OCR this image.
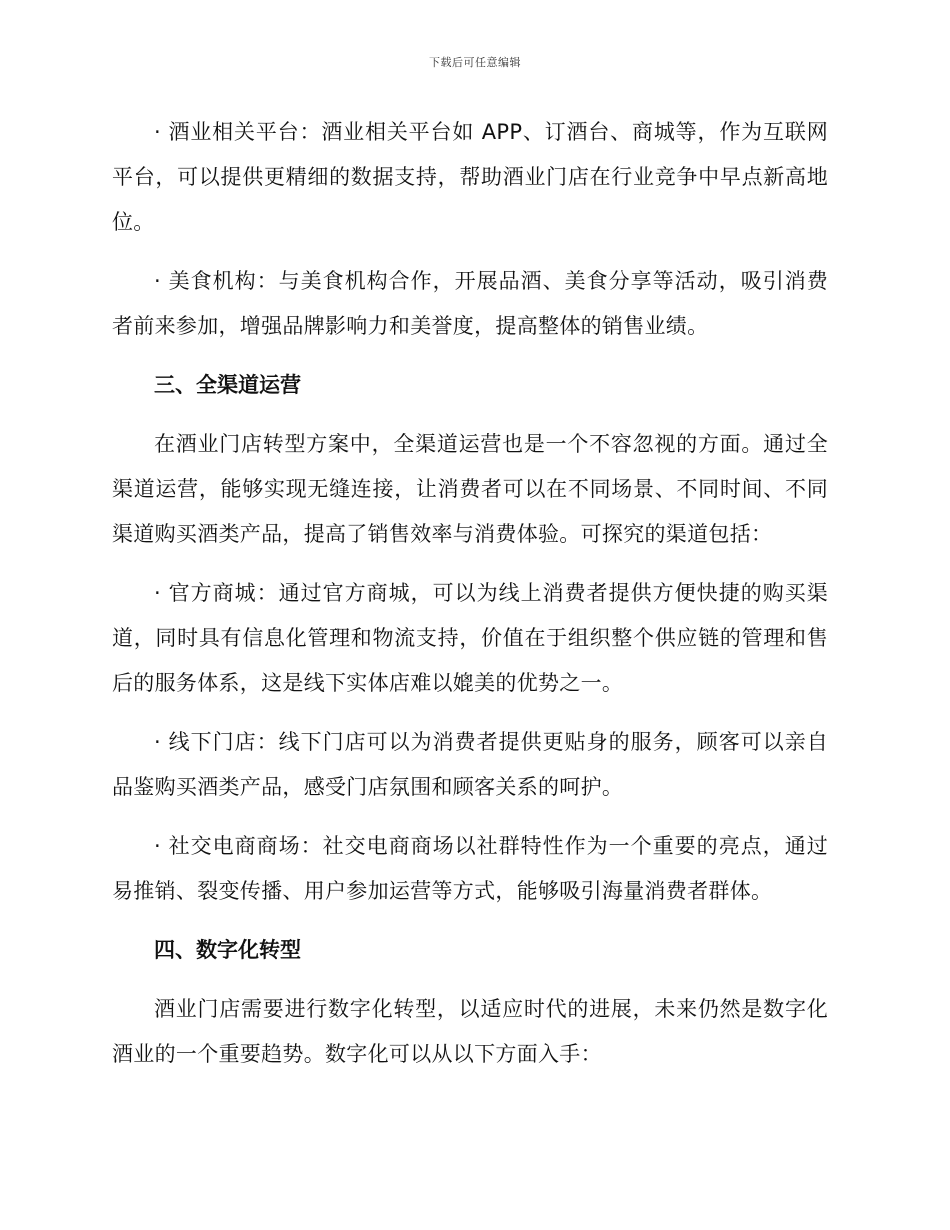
下载后可任意编辑

· 酒业相关平台：酒业相关平台如 APP、订酒台、商城等，作为互联网平台，可以提供更精细的数据支持，帮助酒业门店在行业竞争中早点新高地位。

· 美食机构：与美食机构合作，开展品酒、美食分享等活动，吸引消费者前来参加，增强品牌影响力和美誉度，提高整体的销售业绩。

三、全渠道运营

在酒业门店转型方案中，全渠道运营也是一个不容忽视的方面。通过全渠道运营，能够实现无缝连接，让消费者可以在不同场景、不同时间、不同渠道购买酒类产品，提高了销售效率与消费体验。可探究的渠道包括：

· 官方商城：通过官方商城，可以为线上消费者提供方便快捷的购买渠道，同时具有信息化管理和物流支持，价值在于组织整个供应链的管理和售后的服务体系，这是线下实体店难以媲美的优势之一。

· 线下门店：线下门店可以为消费者提供更贴身的服务，顾客可以亲自品鉴购买酒类产品，感受门店氛围和顾客关系的呵护。

· 社交电商商场：社交电商商场以社群特性作为一个重要的亮点，通过易推销、裂变传播、用户参加运营等方式，能够吸引海量消费者群体。

四、数字化转型

酒业门店需要进行数字化转型，以适应时代的进展，未来仍然是数字化酒业的一个重要趋势。数字化可以从以下方面入手：
